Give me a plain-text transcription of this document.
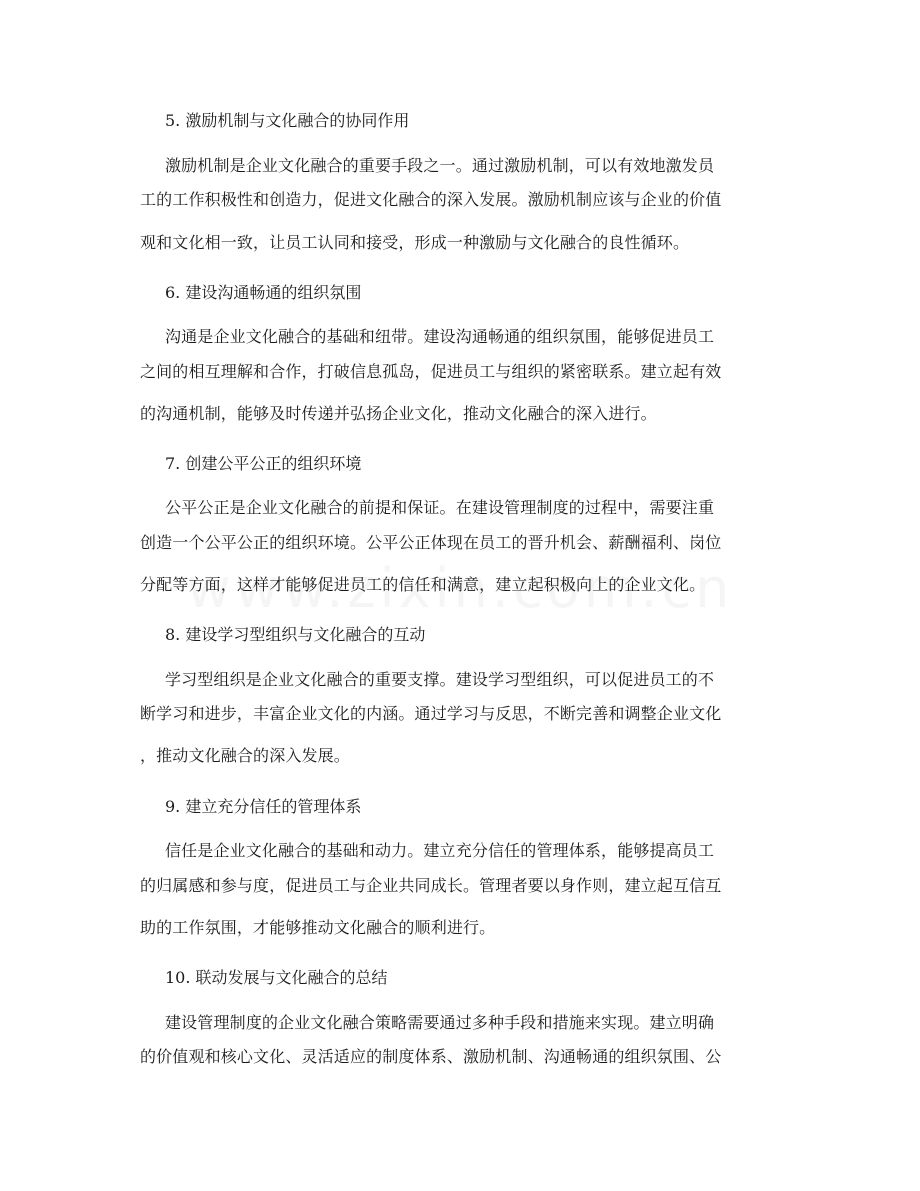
5. 激励机制与文化融合的协同作用
激励机制是企业文化融合的重要手段之一。通过激励机制，可以有效地激发员
工的工作积极性和创造力，促进文化融合的深入发展。激励机制应该与企业的价值
观和文化相一致，让员工认同和接受，形成一种激励与文化融合的良性循环。
6. 建设沟通畅通的组织氛围
沟通是企业文化融合的基础和纽带。建设沟通畅通的组织氛围，能够促进员工
之间的相互理解和合作，打破信息孤岛，促进员工与组织的紧密联系。建立起有效
的沟通机制，能够及时传递并弘扬企业文化，推动文化融合的深入进行。
7. 创建公平公正的组织环境
公平公正是企业文化融合的前提和保证。在建设管理制度的过程中，需要注重
创造一个公平公正的组织环境。公平公正体现在员工的晋升机会、薪酬福利、岗位
分配等方面，这样才能够促进员工的信任和满意，建立起积极向上的企业文化。
8. 建设学习型组织与文化融合的互动
学习型组织是企业文化融合的重要支撑。建设学习型组织，可以促进员工的不
断学习和进步，丰富企业文化的内涵。通过学习与反思，不断完善和调整企业文化
，推动文化融合的深入发展。
9. 建立充分信任的管理体系
信任是企业文化融合的基础和动力。建立充分信任的管理体系，能够提高员工
的归属感和参与度，促进员工与企业共同成长。管理者要以身作则，建立起互信互
助的工作氛围，才能够推动文化融合的顺利进行。
10. 联动发展与文化融合的总结
建设管理制度的企业文化融合策略需要通过多种手段和措施来实现。建立明确
的价值观和核心文化、灵活适应的制度体系、激励机制、沟通畅通的组织氛围、公
